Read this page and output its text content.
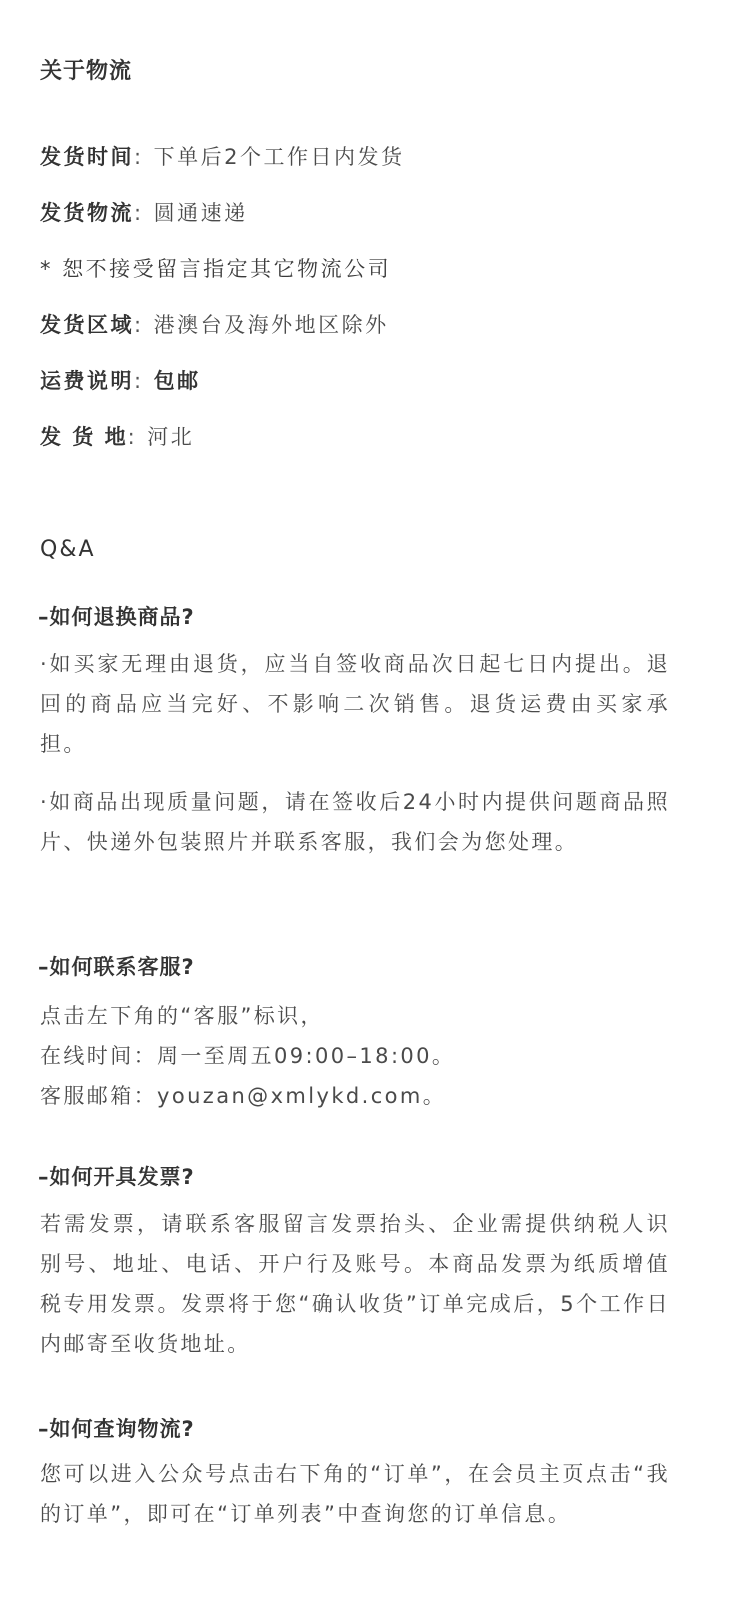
关于物流
发货时间: 下单后2个工作日内发货
发货物流: 圆通速递
* 恕不接受留言指定其它物流公司
发货区域: 港澳台及海外地区除外
运费说明: 包邮
发 货 地: 河北
Q&A
–如何退换商品?

·如买家无理由退货，应当自签收商品次日起七日内提出。退回的商品应当完好、不影响二次销售。退货运费由买家承担。

·如商品出现质量问题，请在签收后24小时内提供问题商品照片、快递外包装照片并联系客服，我们会为您处理。

–如何联系客服?
点击左下角的“客服”标识，
在线时间：周一至周五09:00–18:00。
客服邮箱：youzan@xmlykd.com。
–如何开具发票?

若需发票，请联系客服留言发票抬头、企业需提供纳税人识别号、地址、电话、开户行及账号。本商品发票为纸质增值税专用发票。发票将于您“确认收货”订单完成后，5个工作日内邮寄至收货地址。

–如何查询物流?

您可以进入公众号点击右下角的“订单”，在会员主页点击“我的订单”，即可在“订单列表”中查询您的订单信息。
